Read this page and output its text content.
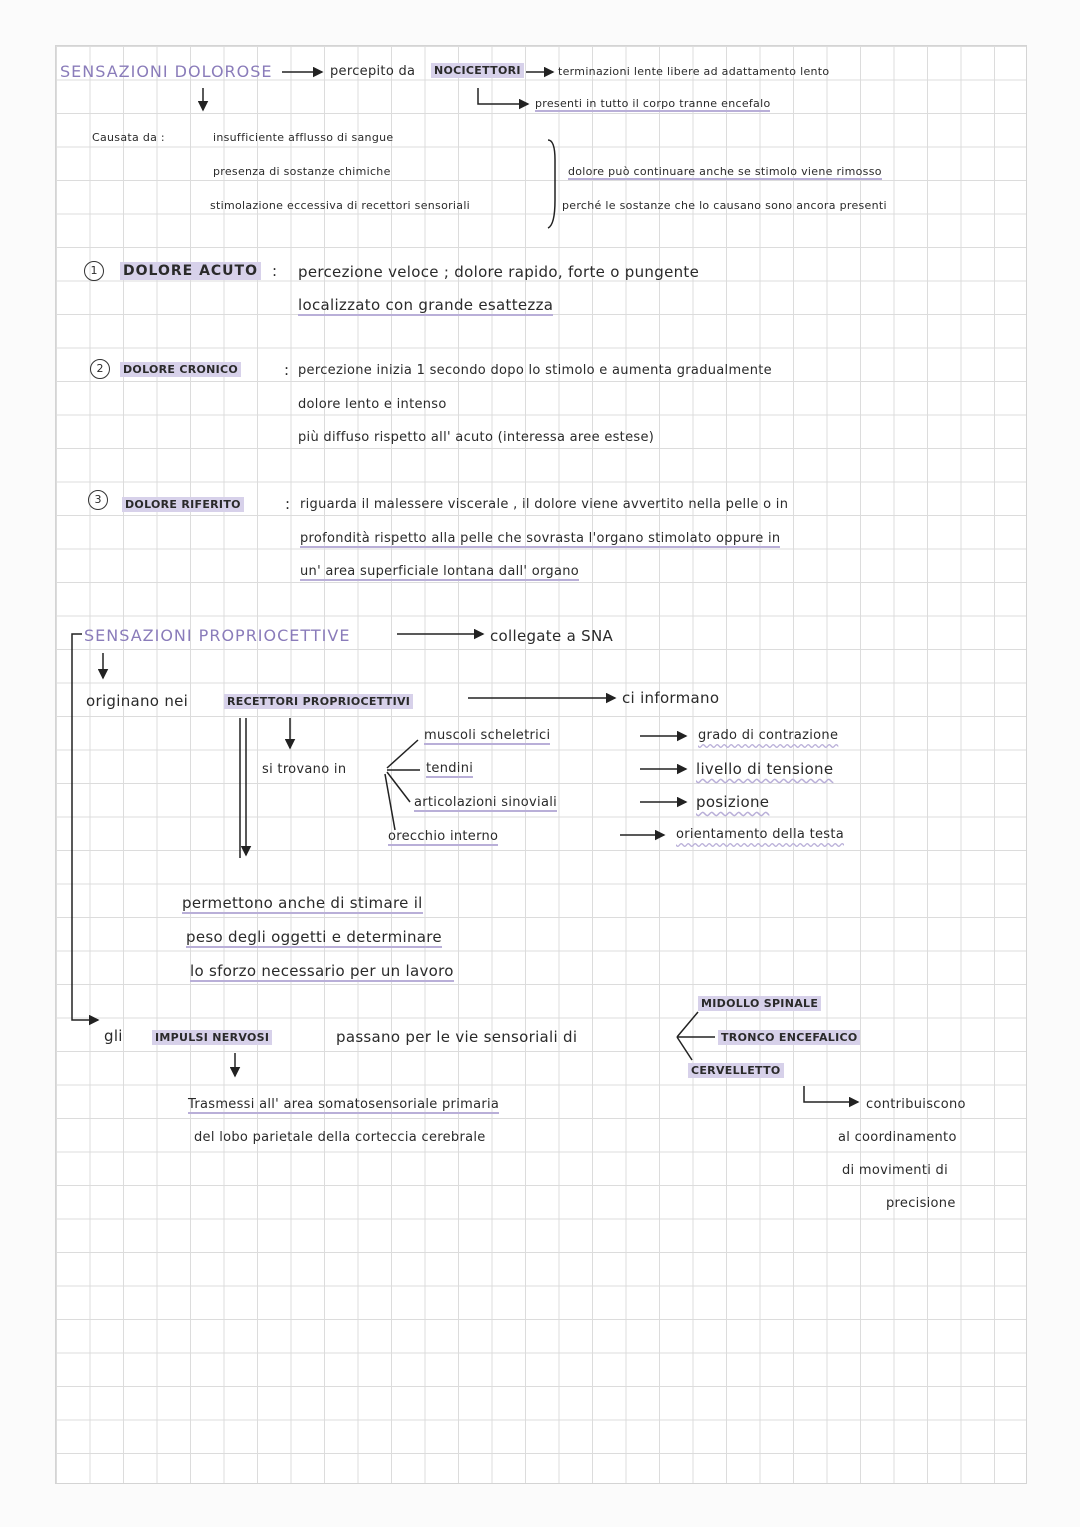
SENSAZIONI DOLOROSE	percepito da NOCICETTORI	terminazioni lente libere ad adattamento lento
presenti in tutto il corpo tranne encefalo
Causata da :	insufficiente afflusso di sangue
presenza di sostanze chimiche
stimolazione eccessiva di recettori sensoriali
dolore può continuare anche se stimolo viene rimosso
perché le sostanze che lo causano sono ancora presenti
1	DOLORE ACUTO : percezione veloce ; dolore rapido, forte o pungente
localizzato con grande esattezza
2	DOLORE CRONICO	: percezione inizia 1 secondo dopo lo stimolo e aumenta gradualmente
dolore lento e intenso
più diffuso rispetto all' acuto (interessa aree estese)
3	DOLORE RIFERITO	: riguarda il malessere viscerale , il dolore viene avvertito nella pelle o in
profondità rispetto alla pelle che sovrasta l'organo stimolato oppure in
un' area superficiale lontana dall' organo
SENSAZIONI PROPRIOCETTIVE	collegate a SNA
originano nei	RECETTORI PROPRIOCETTIVI	ci informano
si trovano in
muscoli scheletrici
tendini
articolazioni sinoviali
orecchio interno
grado di contrazione
livello di tensione
posizione
orientamento della testa
permettono anche di stimare il
peso degli oggetti e determinare
lo sforzo necessario per un lavoro
gli	IMPULSI NERVOSI	passano per le vie sensoriali di
MIDOLLO SPINALE
TRONCO ENCEFALICO
CERVELLETTO
Trasmessi all' area somatosensoriale primaria
del lobo parietale della corteccia cerebrale
contribuiscono
al coordinamento
di movimenti di
precisione
